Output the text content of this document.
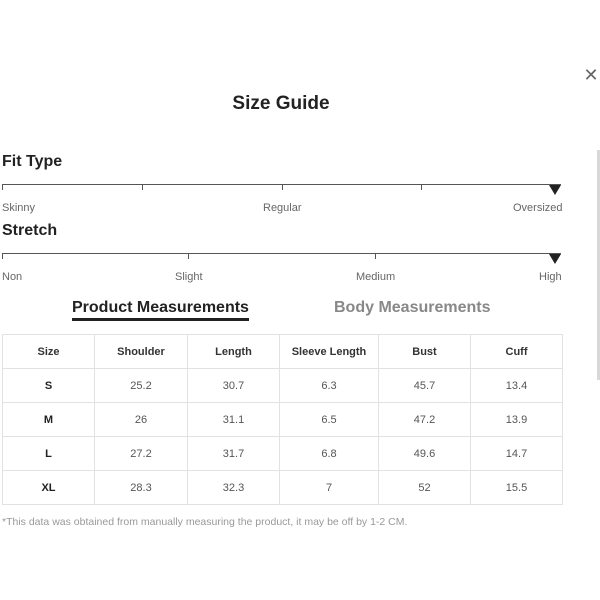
✕
Size Guide
Fit Type
Skinny	Regular	Oversized
Stretch
Non	Slight	Medium	High
Product Measurements	Body Measurements
Size	Shoulder	Length	Sleeve Length	Bust	Cuff
S	25.2	30.7	6.3	45.7	13.4
M	26	31.1	6.5	47.2	13.9
L	27.2	31.7	6.8	49.6	14.7
XL	28.3	32.3	7	52	15.5
*This data was obtained from manually measuring the product, it may be off by 1-2 CM.
